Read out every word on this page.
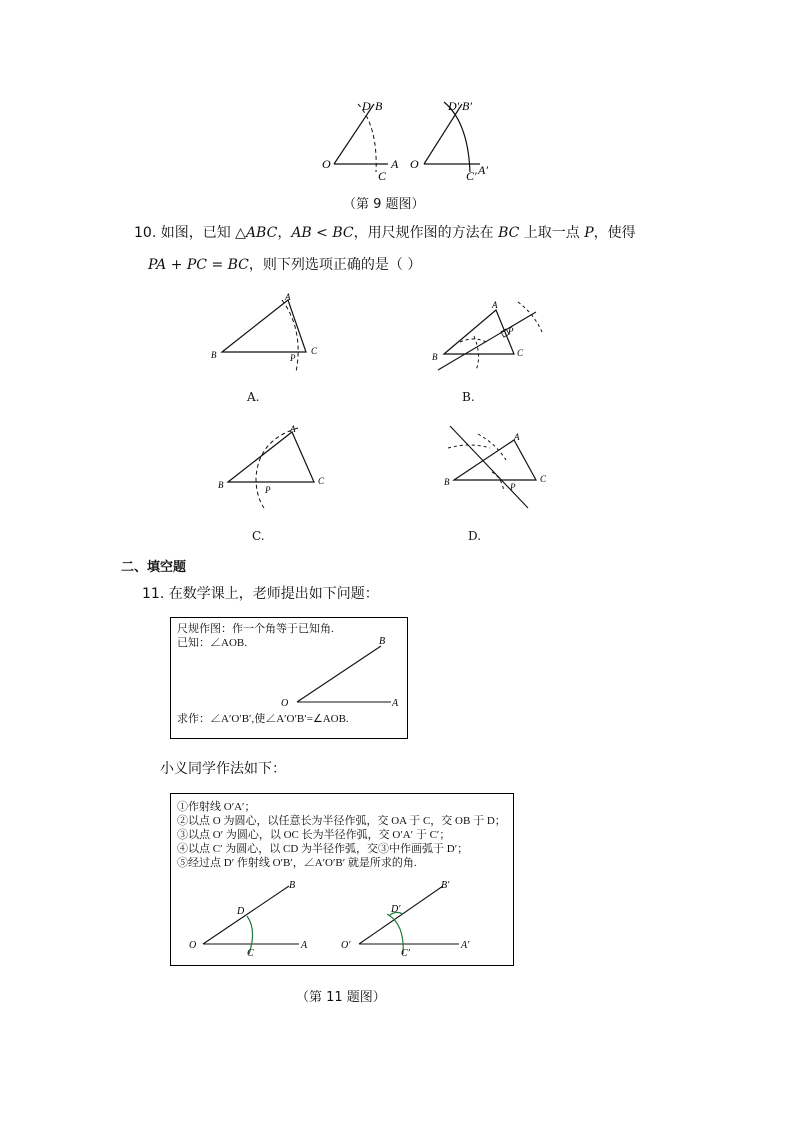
O
D B
C
A O
D′ B′
C′ A′
（第 9 题图）
10. 如图，已知 △ABC，AB < BC，用尺规作图的方法在 BC 上取一点 P，使得
PA + PC = BC，则下列选项正确的是（ ）
B
A
C
P
A.
B
A
C
P
B.
B
A
C
P
C.
B
A
C
P
D.
二、填空题
11. 在数学课上，老师提出如下问题：
尺规作图：作一个角等于已知角.
已知：∠AOB.
O
B
A
求作：∠A′O′B′,使∠A′O′B′=∠AOB.
小义同学作法如下：
①作射线 O′A′；
②以点 O 为圆心，以任意长为半径作弧，交 OA 于 C，交 OB 于 D；
③以点 O′ 为圆心，以 OC 长为半径作弧，交 O′A′ 于 C′；
④以点 C′ 为圆心，以 CD 为半径作弧，交③中作画弧于 D′；
⑤经过点 D′ 作射线 O′B′，∠A′O′B′ 就是所求的角.
O
B
A
C
D
O′
B′
A′
C′
D′
（第 11 题图）
